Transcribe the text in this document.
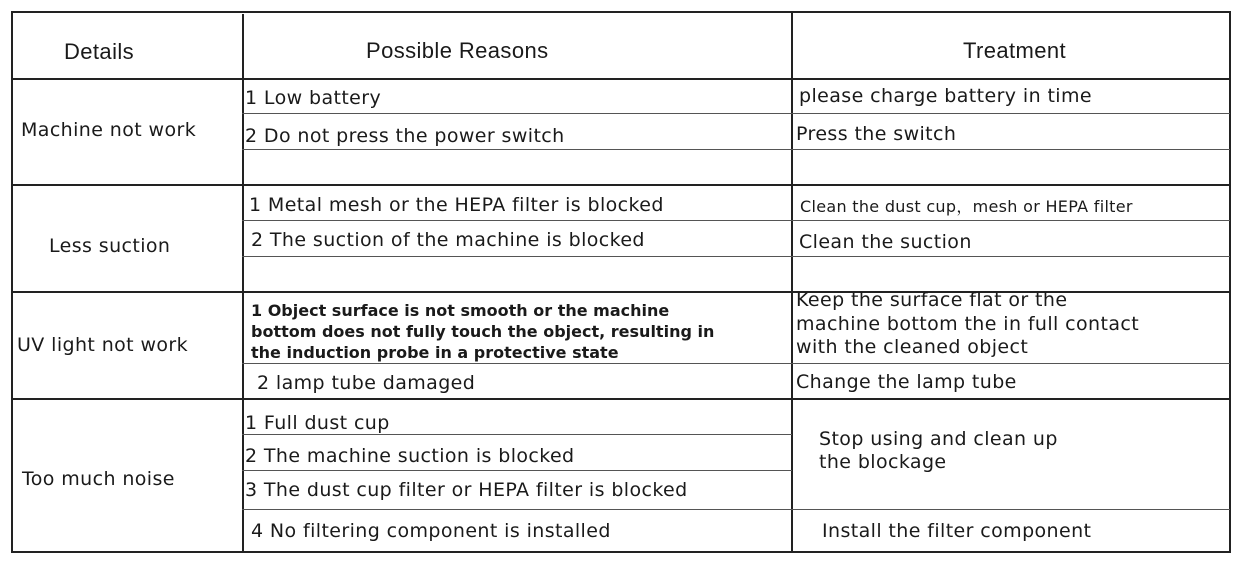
Details	Possible Reasons	Treatment
Machine not work
1 Low battery
2 Do not press the power switch
please charge battery in time
Press the switch
Less suction
1 Metal mesh or the HEPA filter is blocked
2 The suction of the machine is blocked
Clean the dust cup，mesh or HEPA filter
Clean the suction
UV light not work
1 Object surface is not smooth or the machine
bottom does not fully touch the object, resulting in
the induction probe in a protective state
2 lamp tube damaged
Keep the surface flat or the
machine bottom the in full contact
with the cleaned object
Change the lamp tube
Too much noise
1 Full dust cup
2 The machine suction is blocked
3 The dust cup filter or HEPA filter is blocked
4 No filtering component is installed
Stop using and clean up
the blockage
Install the filter component
